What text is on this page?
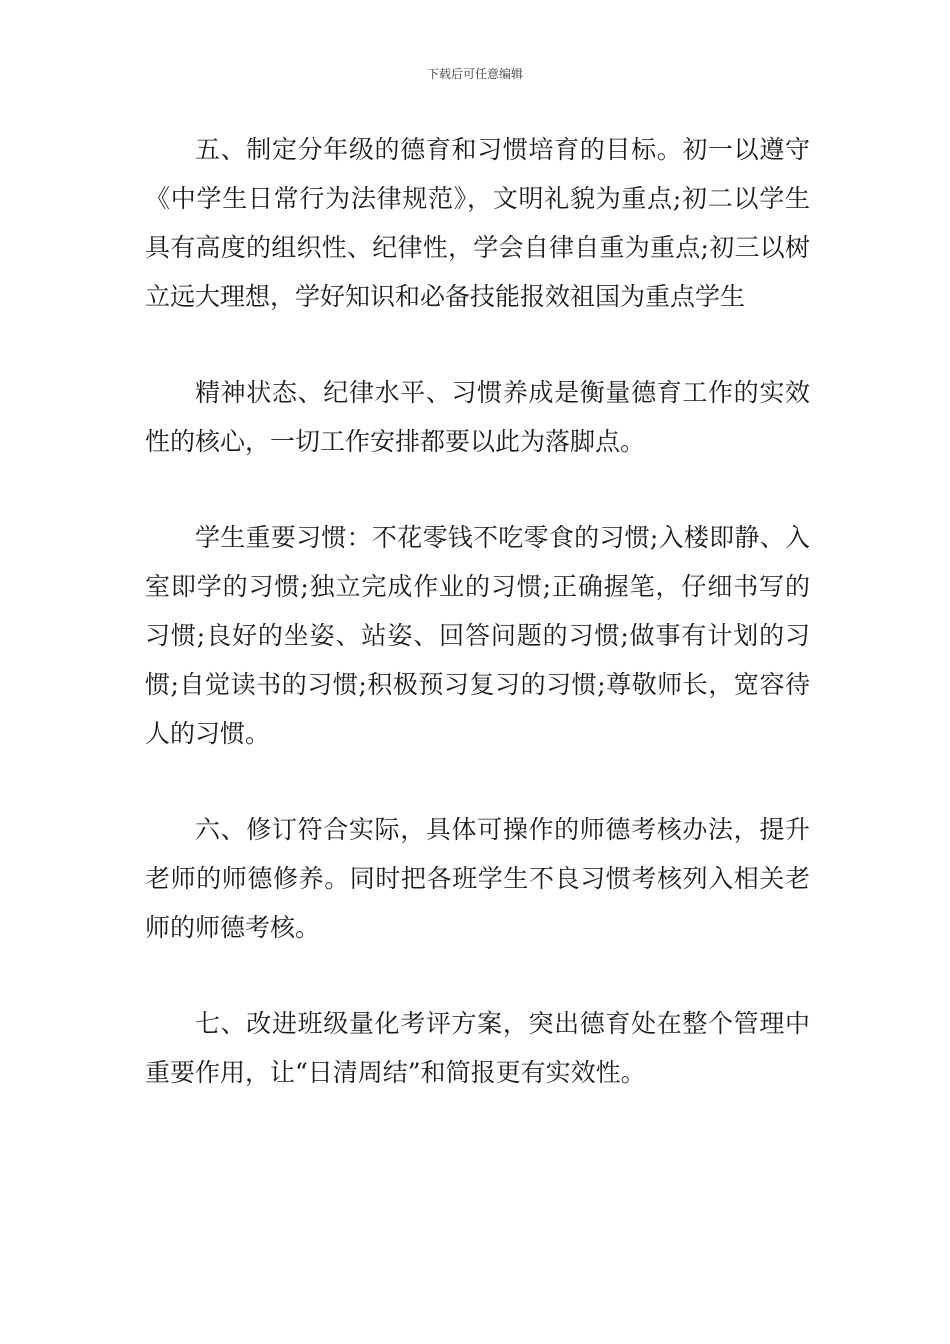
下载后可任意编辑

五、制定分年级的德育和习惯培育的目标。初一以遵守《中学生日常行为法律规范》，文明礼貌为重点;初二以学生具有高度的组织性、纪律性，学会自律自重为重点;初三以树立远大理想，学好知识和必备技能报效祖国为重点学生

精神状态、纪律水平、习惯养成是衡量德育工作的实效性的核心，一切工作安排都要以此为落脚点。

学生重要习惯：不花零钱不吃零食的习惯;入楼即静、入室即学的习惯;独立完成作业的习惯;正确握笔，仔细书写的习惯;良好的坐姿、站姿、回答问题的习惯;做事有计划的习惯;自觉读书的习惯;积极预习复习的习惯;尊敬师长，宽容待人的习惯。

六、修订符合实际，具体可操作的师德考核办法，提升老师的师德修养。同时把各班学生不良习惯考核列入相关老师的师德考核。

七、改进班级量化考评方案，突出德育处在整个管理中重要作用，让“日清周结”和简报更有实效性。
